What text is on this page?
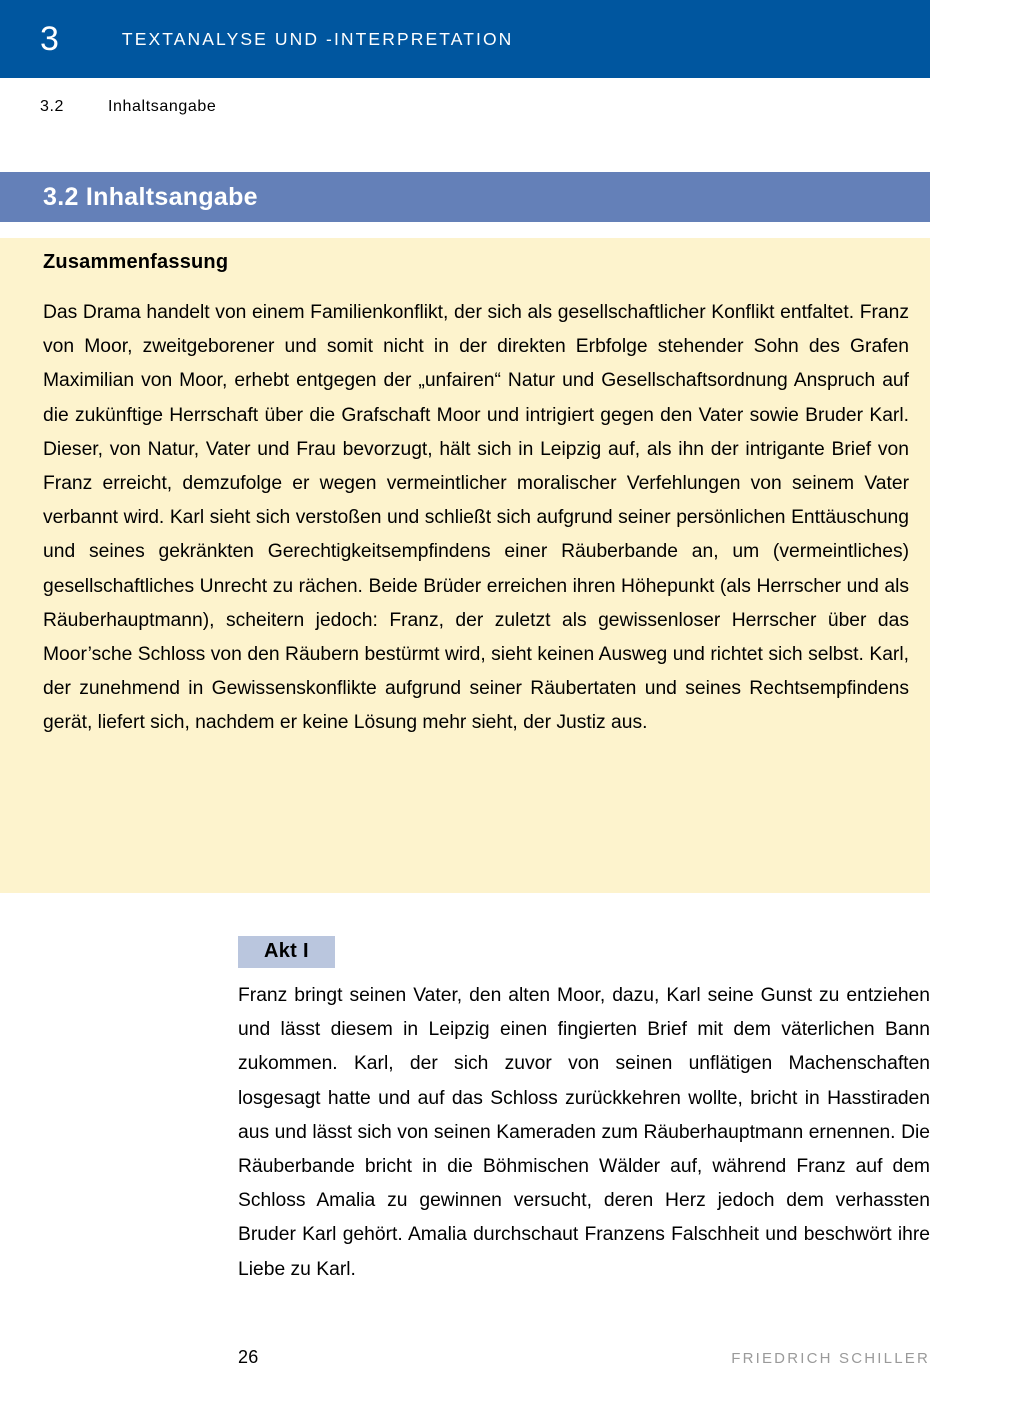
3	TEXTANALYSE UND -INTERPRETATION
3.2	Inhaltsangabe
3.2 Inhaltsangabe
Zusammenfassung

Das Drama handelt von einem Familienkonflikt, der sich als gesellschaftlicher Konflikt entfaltet. Franz von Moor, zweitgeborener und somit nicht in der direkten Erbfolge stehender Sohn des Grafen Maximilian von Moor, erhebt entgegen der „unfairen“ Natur und Gesellschaftsordnung Anspruch auf die zukünftige Herrschaft über die Grafschaft Moor und intrigiert gegen den Vater sowie Bruder Karl. Dieser, von Natur, Vater und Frau bevorzugt, hält sich in Leipzig auf, als ihn der intrigante Brief von Franz erreicht, demzufolge er wegen vermeintlicher moralischer Verfehlungen von seinem Vater verbannt wird. Karl sieht sich verstoßen und schließt sich aufgrund seiner persönlichen Enttäuschung und seines gekränkten Gerechtigkeitsempfindens einer Räuberbande an, um (vermeintliches) gesellschaftliches Unrecht zu rächen. Beide Brüder erreichen ihren Höhepunkt (als Herrscher und als Räuberhauptmann), scheitern jedoch: Franz, der zuletzt als gewissenloser Herrscher über das Moor’sche Schloss von den Räubern bestürmt wird, sieht keinen Ausweg und richtet sich selbst. Karl, der zunehmend in Gewissenskonflikte aufgrund seiner Räubertaten und seines Rechtsempfindens gerät, liefert sich, nachdem er keine Lösung mehr sieht, der Justiz aus.

Akt I

Franz bringt seinen Vater, den alten Moor, dazu, Karl seine Gunst zu entziehen und lässt diesem in Leipzig einen fingierten Brief mit dem väterlichen Bann zukommen. Karl, der sich zuvor von seinen unflätigen Machenschaften losgesagt hatte und auf das Schloss zurückkehren wollte, bricht in Hasstiraden aus und lässt sich von seinen Kameraden zum Räuberhauptmann ernennen. Die Räuberbande bricht in die Böhmischen Wälder auf, während Franz auf dem Schloss Amalia zu gewinnen versucht, deren Herz jedoch dem verhassten Bruder Karl gehört. Amalia durchschaut Franzens Falschheit und beschwört ihre Liebe zu Karl.

26	FRIEDRICH SCHILLER
